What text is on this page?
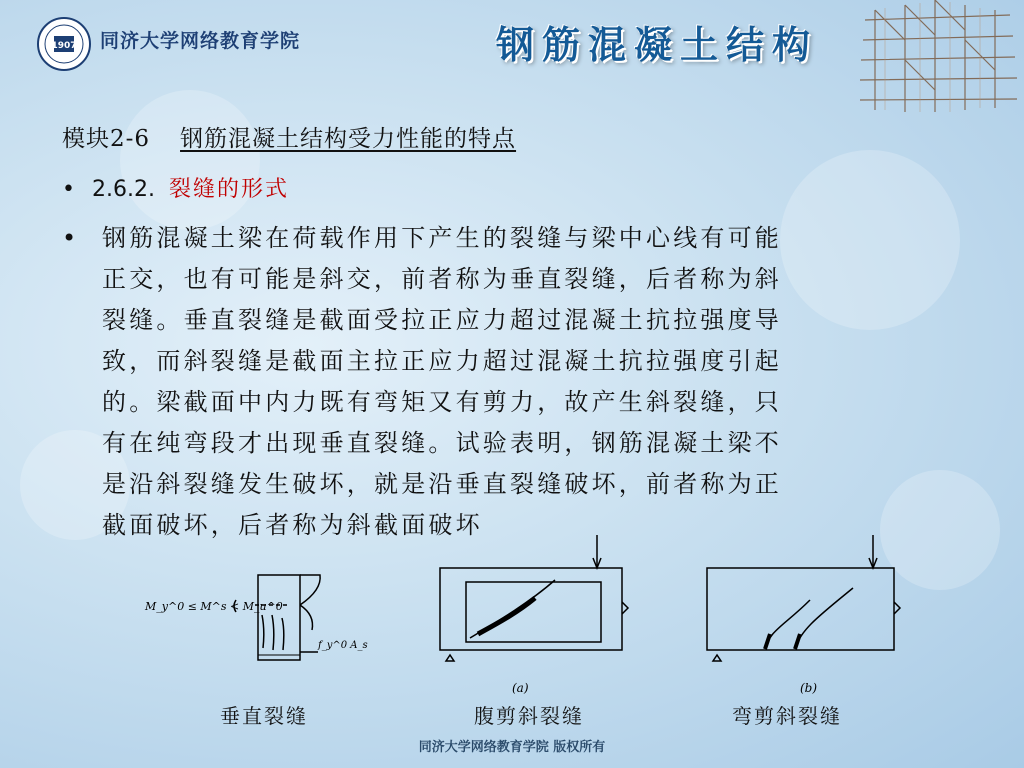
1907 同济大学网络教育学院	钢筋混凝土结构
模块2-6 钢筋混凝土结构受力性能的特点
• 2.6.2. 裂缝的形式
• 钢筋混凝土梁在荷载作用下产生的裂缝与梁中心线有可能
正交，也有可能是斜交，前者称为垂直裂缝，后者称为斜
裂缝。垂直裂缝是截面受拉正应力超过混凝土抗拉强度导
致，而斜裂缝是截面主拉正应力超过混凝土抗拉强度引起
的。梁截面中内力既有弯矩又有剪力，故产生斜裂缝，只
有在纯弯段才出现垂直裂缝。试验表明，钢筋混凝土梁不
是沿斜裂缝发生破坏，就是沿垂直裂缝破坏，前者称为正
截面破坏，后者称为斜截面破坏
M_y^0 ≤ M^s < M_u^0
f_y^0 A_s
(a)	(b)
垂直裂缝	腹剪斜裂缝	弯剪斜裂缝
同济大学网络教育学院 版权所有
